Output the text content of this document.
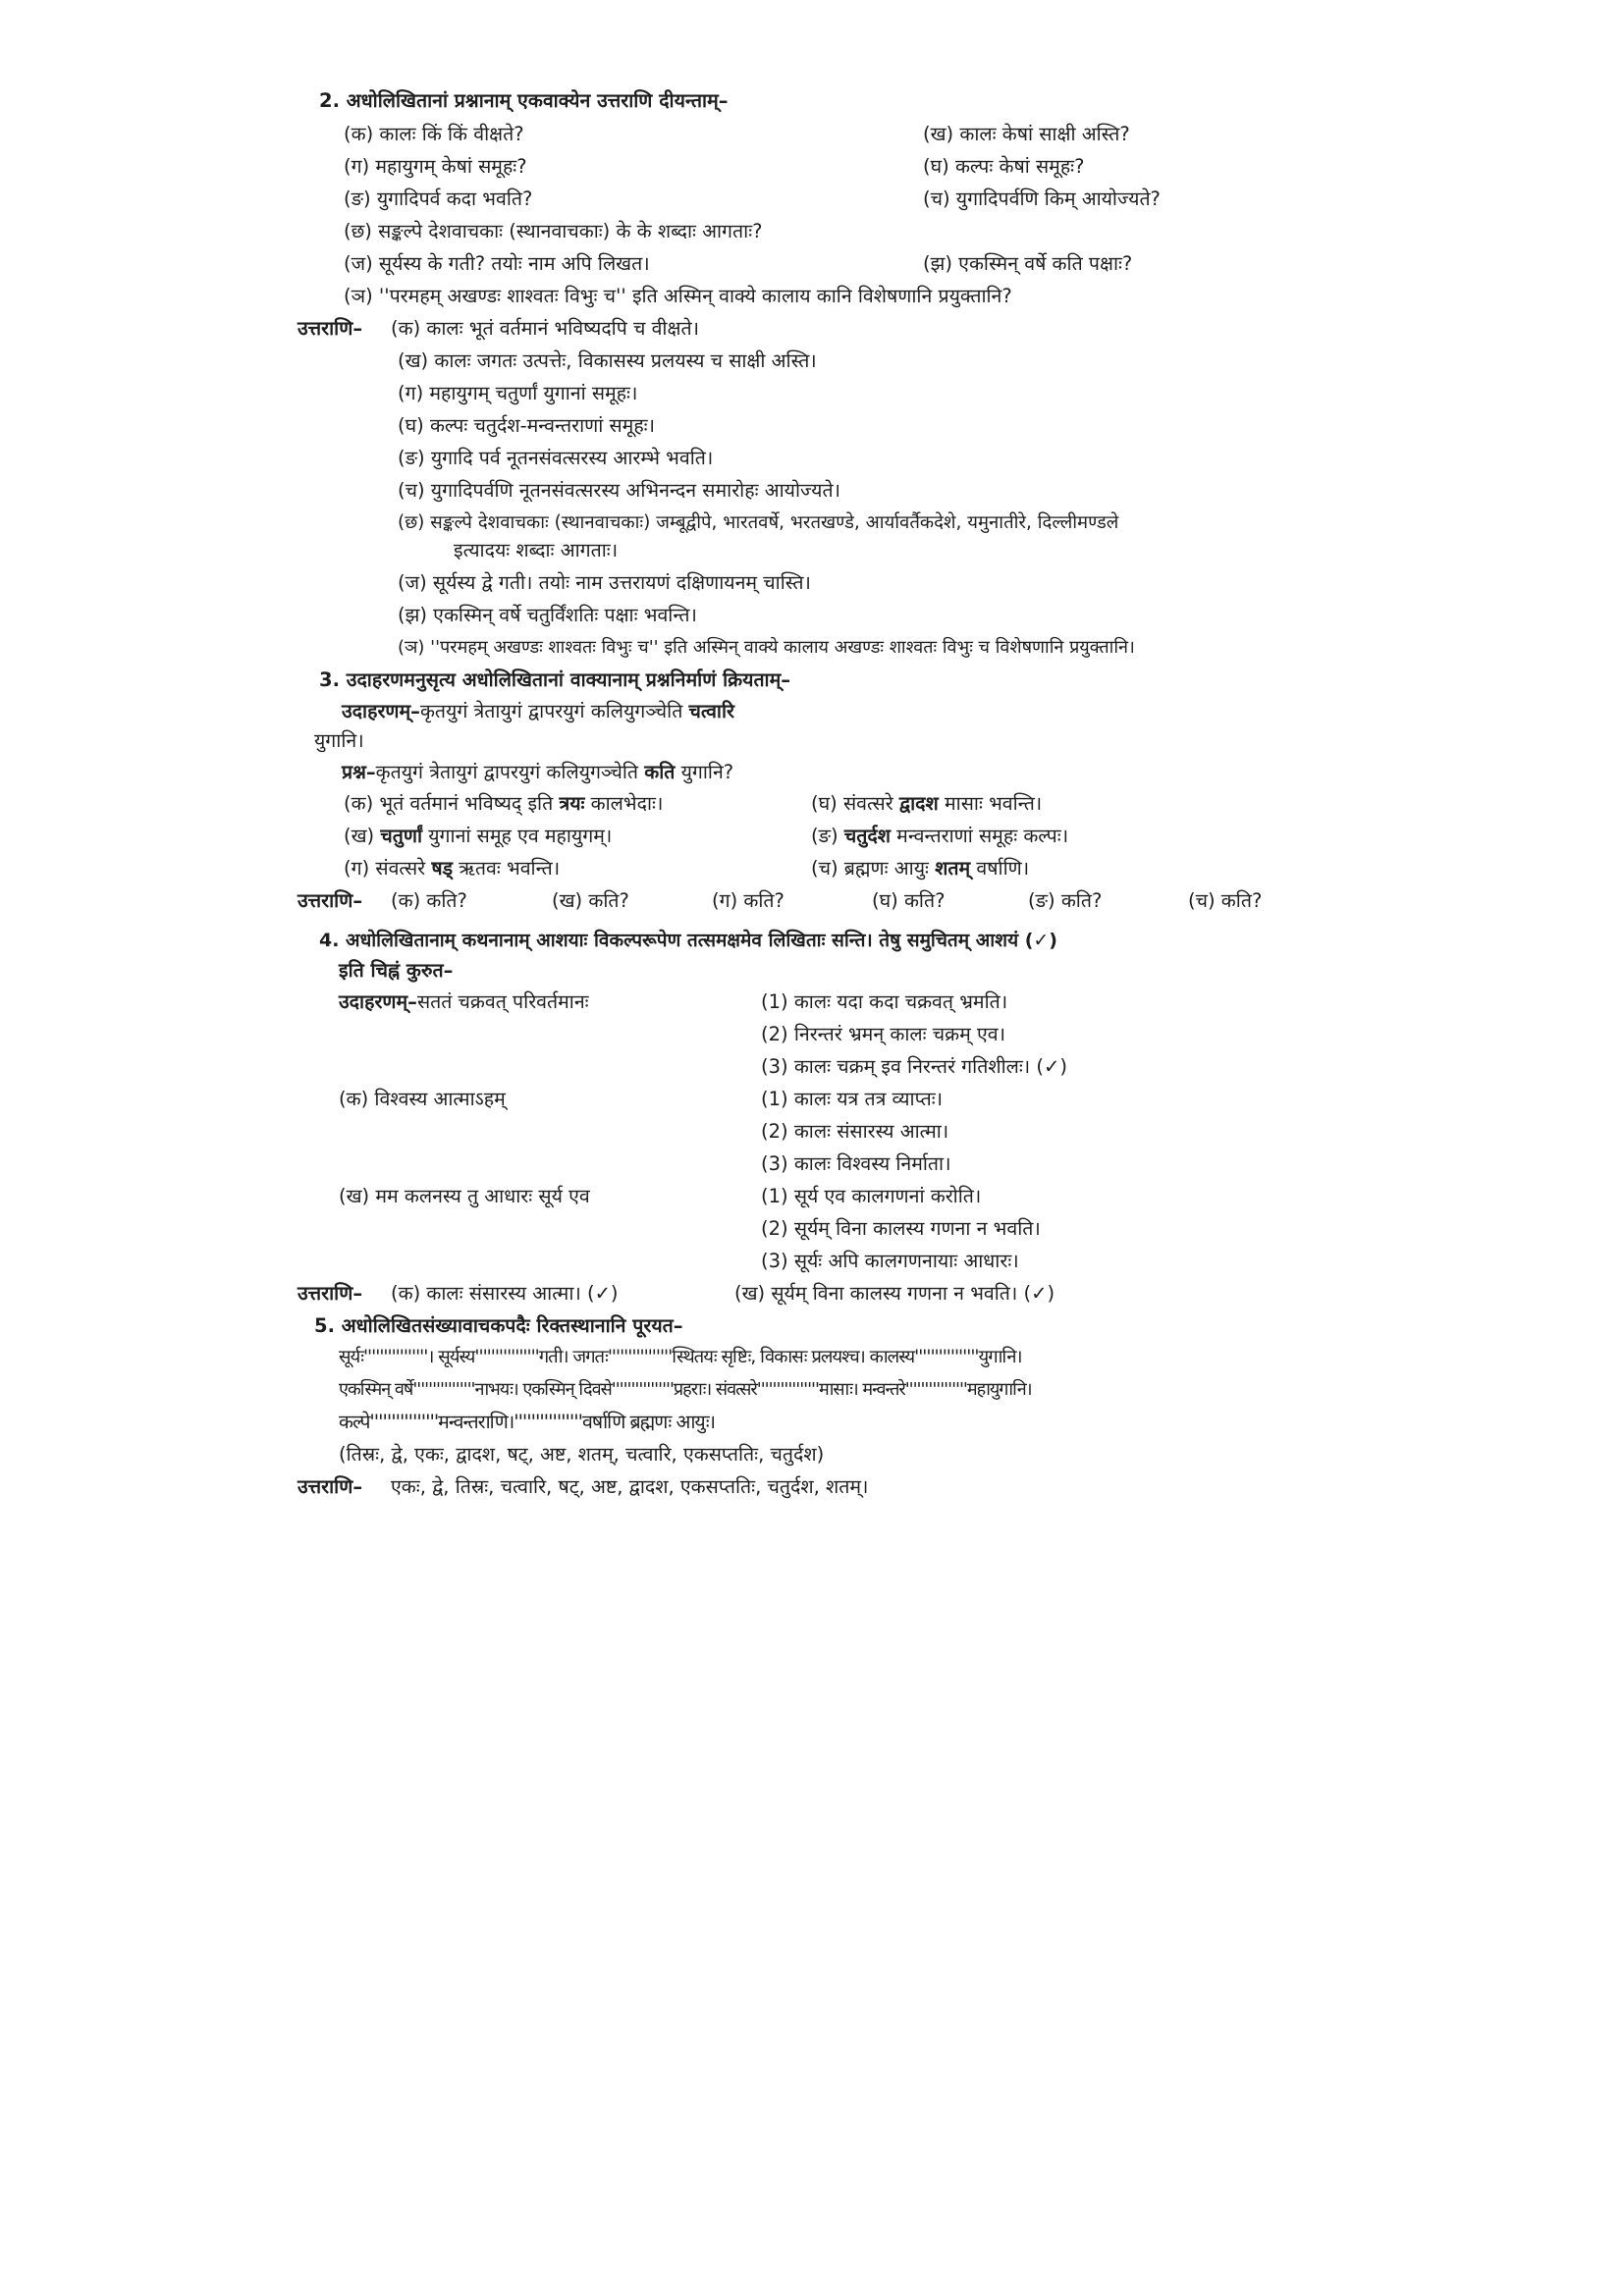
2. अधोलिखितानां प्रश्नानाम् एकवाक्येन उत्तराणि दीयन्ताम्–
(क) कालः किं किं वीक्षते?	(ख) कालः केषां साक्षी अस्ति?
(ग) महायुगम् केषां समूहः?	(घ) कल्पः केषां समूहः?
(ङ) युगादिपर्व कदा भवति?	(च) युगादिपर्वणि किम् आयोज्यते?
(छ) सङ्कल्पे देशवाचकाः (स्थानवाचकाः) के के शब्दाः आगताः?
(ज) सूर्यस्य के गती? तयोः नाम अपि लिखत।	(झ) एकस्मिन् वर्षे कति पक्षाः?
(ञ) ''परमहम् अखण्डः शाश्वतः विभुः च'' इति अस्मिन् वाक्ये कालाय कानि विशेषणानि प्रयुक्तानि?
उत्तराणि– (क) कालः भूतं वर्तमानं भविष्यदपि च वीक्षते।
(ख) कालः जगतः उत्पत्तेः, विकासस्य प्रलयस्य च साक्षी अस्ति।
(ग) महायुगम् चतुर्णां युगानां समूहः।
(घ) कल्पः चतुर्दश-मन्वन्तराणां समूहः।
(ङ) युगादि पर्व नूतनसंवत्सरस्य आरम्भे भवति।
(च) युगादिपर्वणि नूतनसंवत्सरस्य अभिनन्दन समारोहः आयोज्यते।
(छ) सङ्कल्पे देशवाचकाः (स्थानवाचकाः) जम्बूद्वीपे, भारतवर्षे, भरतखण्डे, आर्यावर्तैकदेशे, यमुनातीरे, दिल्लीमण्डले
इत्यादयः शब्दाः आगताः।
(ज) सूर्यस्य द्वे गती। तयोः नाम उत्तरायणं दक्षिणायनम् चास्ति।
(झ) एकस्मिन् वर्षे चतुर्विंशतिः पक्षाः भवन्ति।
(ञ) ''परमहम् अखण्डः शाश्वतः विभुः च'' इति अस्मिन् वाक्ये कालाय अखण्डः शाश्वतः विभुः च विशेषणानि प्रयुक्तानि।
3. उदाहरणमनुसृत्य अधोलिखितानां वाक्यानाम् प्रश्ननिर्माणं क्रियताम्–
उदाहरणम्–कृतयुगं त्रेतायुगं द्वापरयुगं कलियुगञ्चेति चत्वारि
युगानि।
प्रश्न–कृतयुगं त्रेतायुगं द्वापरयुगं कलियुगञ्चेति कति युगानि?
(क) भूतं वर्तमानं भविष्यद् इति त्रयः कालभेदाः।	(घ) संवत्सरे द्वादश मासाः भवन्ति।
(ख) चतुर्णां युगानां समूह एव महायुगम्।	(ङ) चतुर्दश मन्वन्तराणां समूहः कल्पः।
(ग) संवत्सरे षड् ऋतवः भवन्ति।	(च) ब्रह्मणः आयुः शतम् वर्षाणि।
उत्तराणि– (क) कति?	(ख) कति?	(ग) कति?	(घ) कति?	(ङ) कति?	(च) कति?
4. अधोलिखितानाम् कथनानाम् आशयाः विकल्परूपेण तत्समक्षमेव लिखिताः सन्ति। तेषु समुचितम् आशयं (✓)
इति चिह्नं कुरुत–
उदाहरणम्–सततं चक्रवत् परिवर्तमानः	(1) कालः यदा कदा चक्रवत् भ्रमति।
(2) निरन्तरं भ्रमन् कालः चक्रम् एव।
(3) कालः चक्रम् इव निरन्तरं गतिशीलः। (✓)
(क) विश्वस्य आत्माऽहम्	(1) कालः यत्र तत्र व्याप्तः।
(2) कालः संसारस्य आत्मा।
(3) कालः विश्वस्य निर्माता।
(ख) मम कलनस्य तु आधारः सूर्य एव	(1) सूर्य एव कालगणनां करोति।
(2) सूर्यम् विना कालस्य गणना न भवति।
(3) सूर्यः अपि कालगणनायाः आधारः।
उत्तराणि– (क) कालः संसारस्य आत्मा। (✓)	(ख) सूर्यम् विना कालस्य गणना न भवति। (✓)
5. अधोलिखितसंख्यावाचकपदैः रिक्तस्थानानि पूरयत–
सूर्यः''''''''''''''''। सूर्यस्य''''''''''''''''गती। जगतः''''''''''''''''स्थितयः सृष्टिः, विकासः प्रलयश्च। कालस्य''''''''''''''''युगानि।
एकस्मिन् वर्षे''''''''''''''''नाभयः। एकस्मिन् दिवसे''''''''''''''''प्रहराः। संवत्सरे''''''''''''''''मासाः। मन्वन्तरे''''''''''''''''महायुगानि।
कल्पे''''''''''''''''मन्वन्तराणि।''''''''''''''''वर्षाणि ब्रह्मणः आयुः।
(तिस्रः, द्वे, एकः, द्वादश, षट्, अष्ट, शतम्, चत्वारि, एकसप्ततिः, चतुर्दश)
उत्तराणि– एकः, द्वे, तिस्रः, चत्वारि, षट्, अष्ट, द्वादश, एकसप्ततिः, चतुर्दश, शतम्।
